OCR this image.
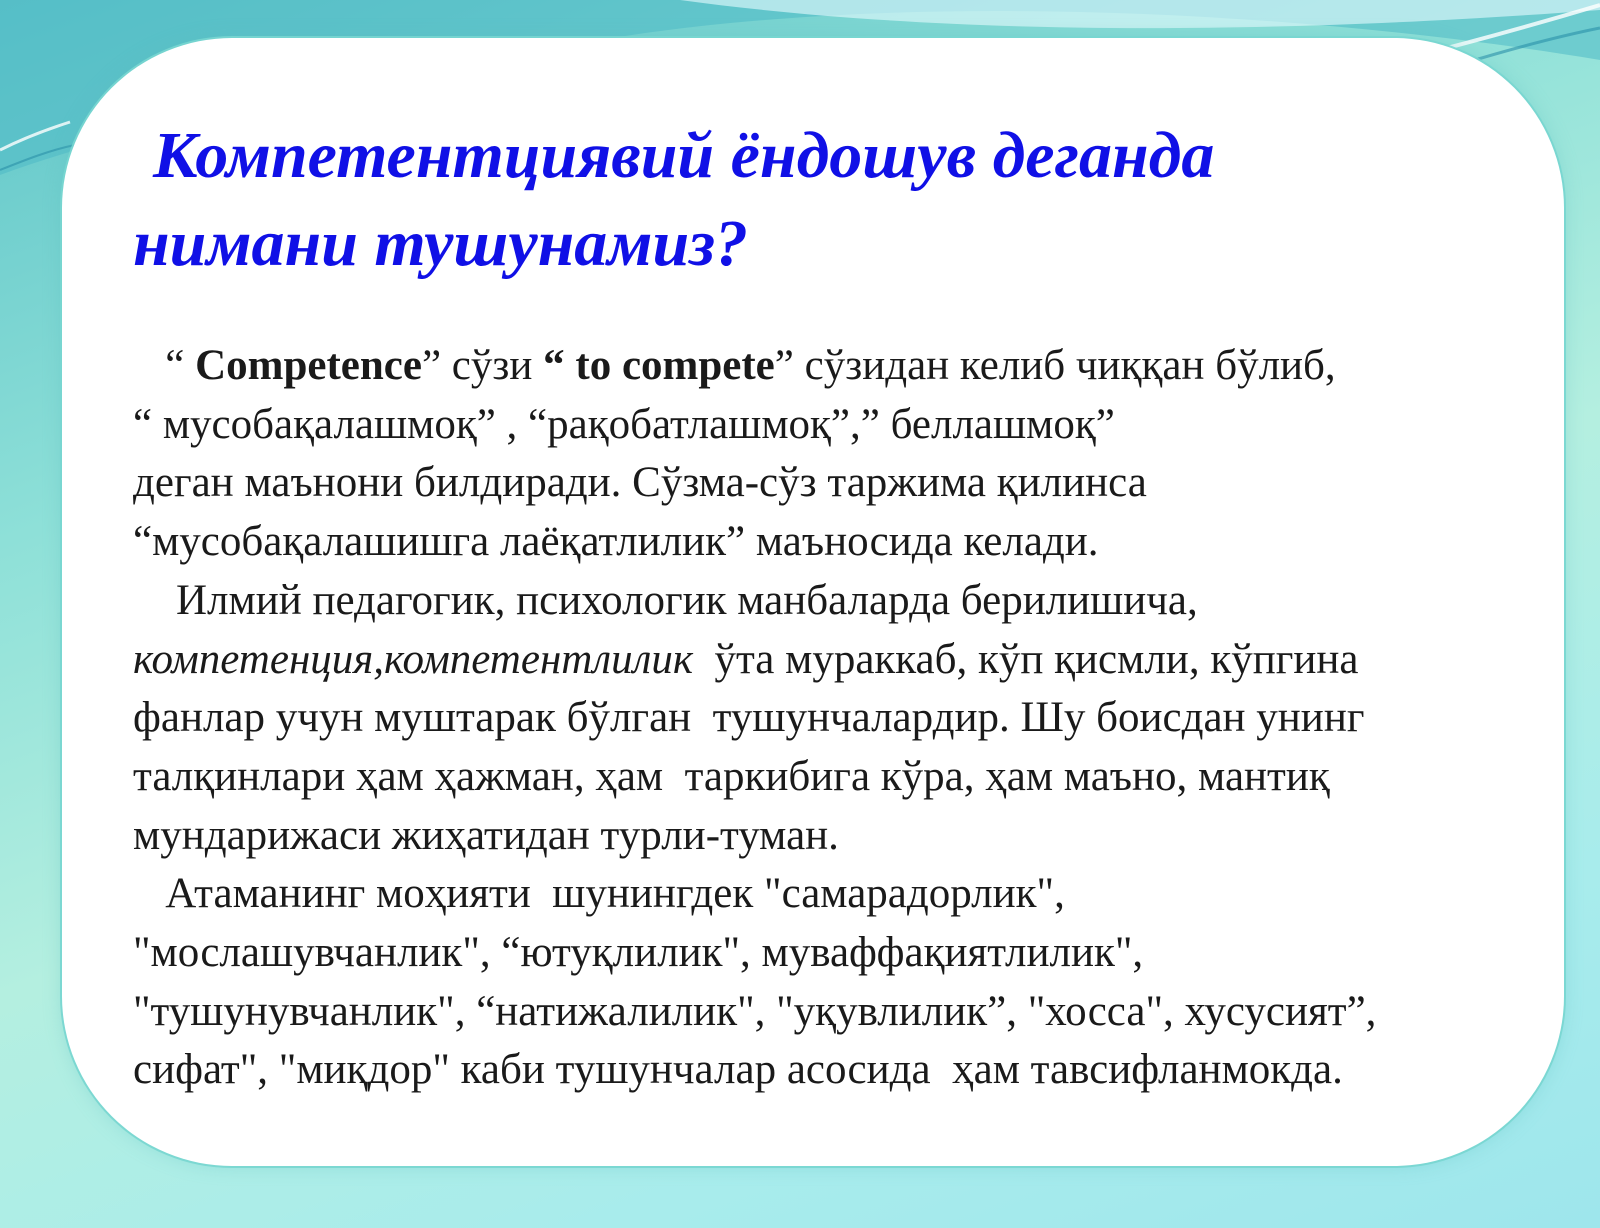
Компетентциявий ёндошув деганда
нимани тушунамиз?
“ Competence” сўзи “ to compete” сўзидан келиб чиққан бўлиб,
“ мусобақалашмоқ” , “рақобатлашмоқ”,” беллашмоқ”
деган маънони билдиради. Сўзма-сўз таржима қилинса
“мусобақалашишга лаёқатлилик” маъносида келади.
Илмий педагогик, психологик манбаларда берилишича,
компетенция,компетентлилик  ўта мураккаб, кўп қисмли, кўпгина
фанлар учун муштарак бўлган  тушунчалардир. Шу боисдан унинг
талқинлари ҳам ҳажман, ҳам  таркибига кўра, ҳам маъно, мантиқ
мундарижаси жиҳатидан турли-туман.
Атаманинг моҳияти  шунингдек "самарадорлик",
"мослашувчанлик", “ютуқлилик", муваффақиятлилик",
"тушунувчанлик", “натижалилик", "уқувлилик”, "хосса", хусусият”,
сифат", "миқдор" каби тушунчалар асосида  ҳам тавсифланмокда.
